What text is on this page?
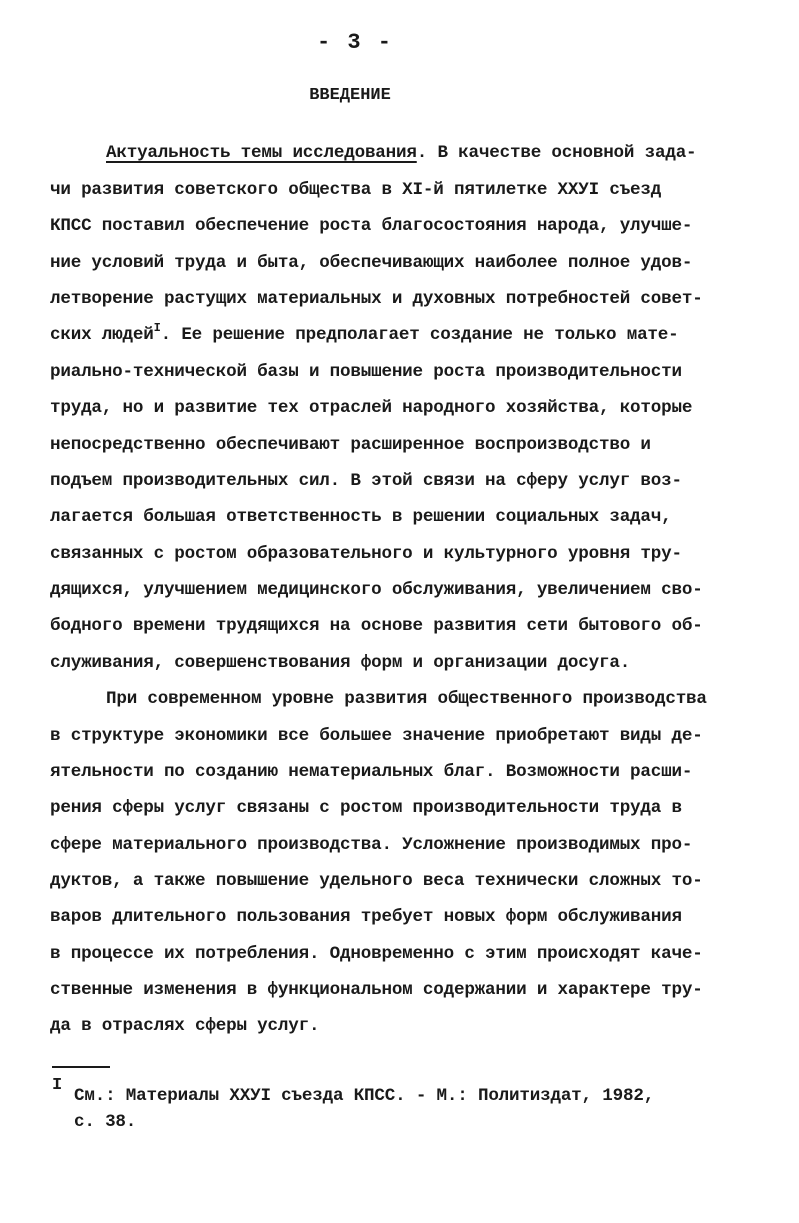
- 3 -
ВВЕДЕНИЕ
Актуальность темы исследования. В качестве основной зада-
чи развития советского общества в XI-й пятилетке XXУI съезд
КПСС поставил обеспечение роста благосостояния народа, улучше-
ние условий труда и быта, обеспечивающих наиболее полное удов-
летворение растущих материальных и духовных потребностей совет-
ских людей$^I$. Ее решение предполагает создание не только мате-
риально-технической базы и повышение роста производительности
труда, но и развитие тех отраслей народного хозяйства, которые
непосредственно обеспечивают расширенное воспроизводство и
подъем производительных сил. В этой связи на сферу услуг воз-
лагается большая ответственность в решении социальных задач,
связанных с ростом образовательного и культурного уровня тру-
дящихся, улучшением медицинского обслуживания, увеличением сво-
бодного времени трудящихся на основе развития сети бытового об-
служивания, совершенствования форм и организации досуга.
При современном уровне развития общественного производства
в структуре экономики все большее значение приобретают виды де-
ятельности по созданию нематериальных благ. Возможности расши-
рения сферы услуг связаны с ростом производительности труда в
сфере материального производства. Усложнение производимых про-
дуктов, а также повышение удельного веса технически сложных то-
варов длительного пользования требует новых форм обслуживания
в процессе их потребления. Одновременно с этим происходят каче-
ственные изменения в функциональном содержании и характере тру-
да в отраслях сферы услуг.
I
См.: Материалы XXУI съезда КПСС. - М.: Политиздат, 1982,
с. 38.
